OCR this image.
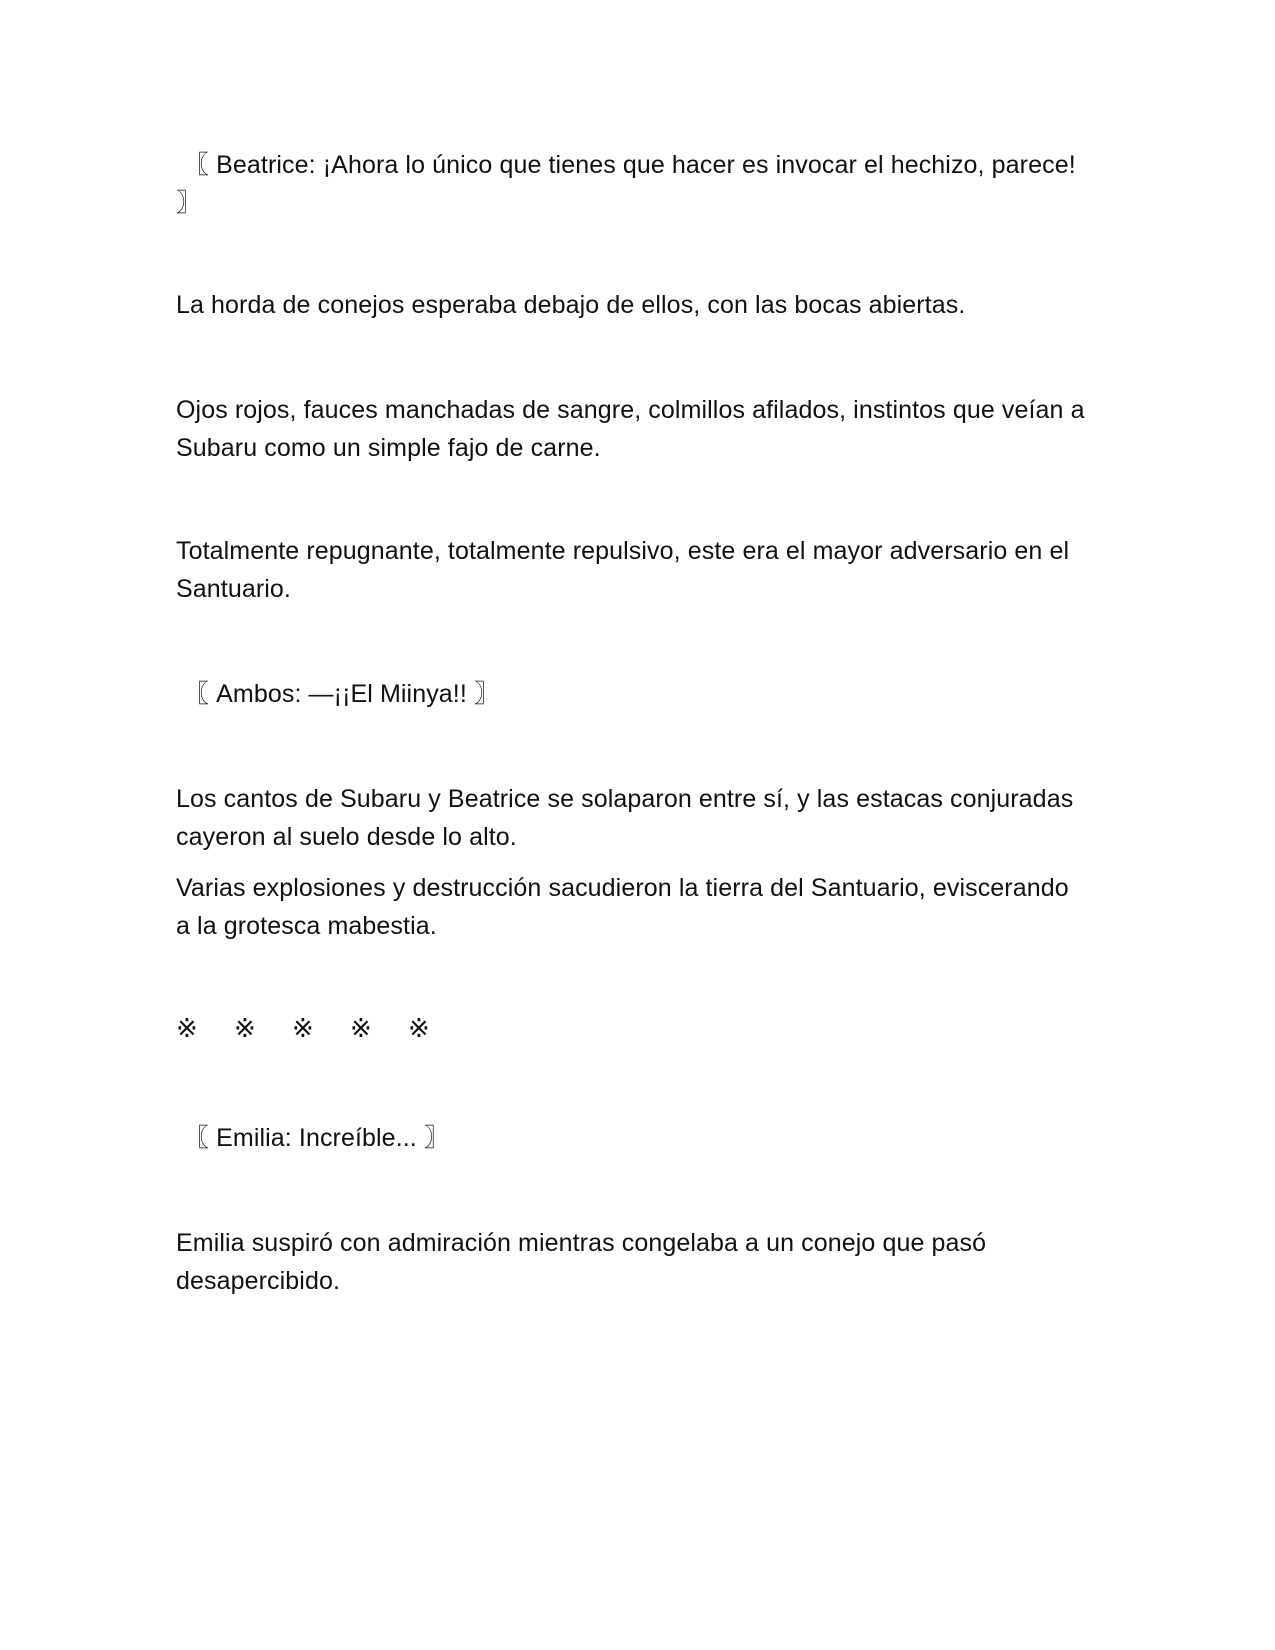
〖 Beatrice: ¡Ahora lo único que tienes que hacer es invocar el hechizo, parece! 〗

La horda de conejos esperaba debajo de ellos, con las bocas abiertas.

Ojos rojos, fauces manchadas de sangre, colmillos afilados, instintos que veían a Subaru como un simple fajo de carne.

Totalmente repugnante, totalmente repulsivo, este era el mayor adversario en el Santuario.

〖 Ambos: —¡¡El Miinya!! 〗

Los cantos de Subaru y Beatrice se solaparon entre sí, y las estacas conjuradas cayeron al suelo desde lo alto.

Varias explosiones y destrucción sacudieron la tierra del Santuario, eviscerando a la grotesca mabestia.

※ ※ ※ ※ ※

〖 Emilia: Increíble... 〗

Emilia suspiró con admiración mientras congelaba a un conejo que pasó desapercibido.
